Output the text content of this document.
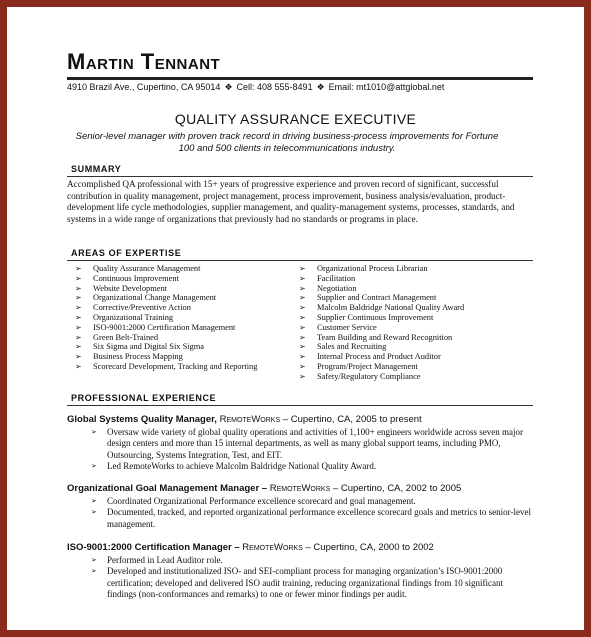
Martin Tennant
4910 Brazil Ave., Cupertino, CA 95014 ❖ Cell: 408 555-8491 ❖ Email: mt1010@attglobal.net
QUALITY ASSURANCE EXECUTIVE
Senior-level manager with proven track record in driving business-process improvements for Fortune 100 and 500 clients in telecommunications industry.
SUMMARY
Accomplished QA professional with 15+ years of progressive experience and proven record of significant, successful contribution in quality management, project management, process improvement, business analysis/evaluation, product-development life cycle methodologies, supplier management, and quality-management systems, processes, standards, and systems in a wide range of organizations that previously had no standards or programs in place.
AREAS OF EXPERTISE
➢ Quality Assurance Management
➢ Continuous Improvement
➢ Website Development
➢ Organizational Change Management
➢ Corrective/Preventive Action
➢ Organizational Training
➢ ISO-9001:2000 Certification Management
➢ Green Belt-Trained
➢ Six Sigma and Digital Six Sigma
➢ Business Process Mapping
➢ Scorecard Development, Tracking and Reporting
➢ Organizational Process Librarian
➢ Facilitation
➢ Negotiation
➢ Supplier and Contract Management
➢ Malcolm Baldridge National Quality Award
➢ Supplier Continuous Improvement
➢ Customer Service
➢ Team Building and Reward Recognition
➢ Sales and Recruiting
➢ Internal Process and Product Auditor
➢ Program/Project Management
➢ Safety/Regulatory Compliance
PROFESSIONAL EXPERIENCE
Global Systems Quality Manager, RemoteWorks – Cupertino, CA, 2005 to present
➢ Oversaw wide variety of global quality operations and activities of 1,100+ engineers worldwide across seven major design centers and more than 15 internal departments, as well as many global support teams, including PMO, Outsourcing, Systems Integration, Test, and EIT.
➢ Led RemoteWorks to achieve Malcolm Baldridge National Quality Award.
Organizational Goal Management Manager – RemoteWorks – Cupertino, CA, 2002 to 2005
➢ Coordinated Organizational Performance excellence scorecard and goal management.
➢ Documented, tracked, and reported organizational performance excellence scorecard goals and metrics to senior-level management.
ISO-9001:2000 Certification Manager – RemoteWorks – Cupertino, CA, 2000 to 2002
➢ Performed in Lead Auditor role.
➢ Developed and institutionalized ISO- and SEI-compliant process for managing organization’s ISO-9001:2000 certification; developed and delivered ISO audit training, reducing organizational findings from 10 significant findings (non-conformances and remarks) to one or fewer minor findings per audit.
